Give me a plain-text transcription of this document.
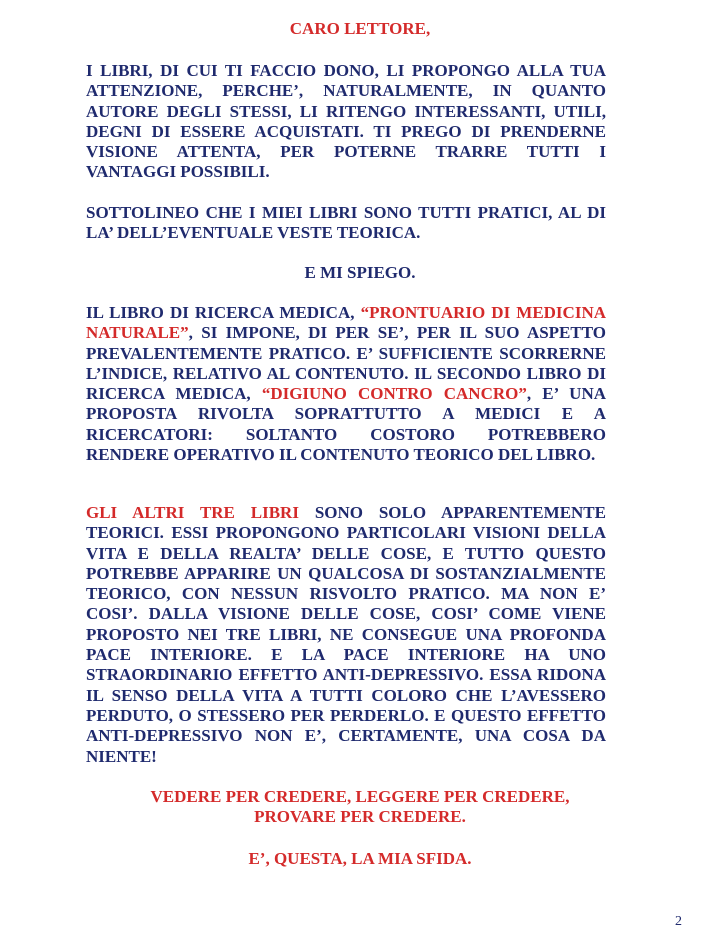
CARO LETTORE,

I LIBRI, DI CUI TI FACCIO DONO, LI PROPONGO ALLA TUA ATTENZIONE, PERCHE’, NATURALMENTE, IN QUANTO AUTORE DEGLI STESSI, LI RITENGO INTERESSANTI, UTILI, DEGNI DI ESSERE ACQUISTATI. TI PREGO DI PRENDERNE VISIONE ATTENTA, PER POTERNE TRARRE TUTTI I VANTAGGI POSSIBILI.

SOTTOLINEO CHE I MIEI LIBRI SONO TUTTI PRATICI, AL DI LA’ DELL’EVENTUALE VESTE TEORICA.

E MI SPIEGO.

IL LIBRO DI RICERCA MEDICA, “PRONTUARIO DI MEDICINA NATURALE”, SI IMPONE, DI PER SE’, PER IL SUO ASPETTO PREVALENTEMENTE PRATICO. E’ SUFFICIENTE SCORRERNE L’INDICE, RELATIVO AL CONTENUTO. IL SECONDO LIBRO DI RICERCA MEDICA, “DIGIUNO CONTRO CANCRO”, E’ UNA PROPOSTA RIVOLTA SOPRATTUTTO A MEDICI E A RICERCATORI: SOLTANTO COSTORO POTREBBERO RENDERE OPERATIVO IL CONTENUTO TEORICO DEL LIBRO.

GLI ALTRI TRE LIBRI SONO SOLO APPARENTEMENTE TEORICI. ESSI PROPONGONO PARTICOLARI VISIONI DELLA VITA E DELLA REALTA’ DELLE COSE, E TUTTO QUESTO POTREBBE APPARIRE UN QUALCOSA DI SOSTANZIALMENTE TEORICO, CON NESSUN RISVOLTO PRATICO. MA NON E’ COSI’. DALLA VISIONE DELLE COSE, COSI’ COME VIENE PROPOSTO NEI TRE LIBRI, NE CONSEGUE UNA PROFONDA PACE INTERIORE. E LA PACE INTERIORE HA UNO STRAORDINARIO EFFETTO ANTI-DEPRESSIVO. ESSA RIDONA IL SENSO DELLA VITA A TUTTI COLORO CHE L’AVESSERO PERDUTO, O STESSERO PER PERDERLO. E QUESTO EFFETTO ANTI-DEPRESSIVO NON E’, CERTAMENTE, UNA COSA DA NIENTE!

VEDERE PER CREDERE, LEGGERE PER CREDERE,
PROVARE PER CREDERE.
E’, QUESTA, LA MIA SFIDA.
2
